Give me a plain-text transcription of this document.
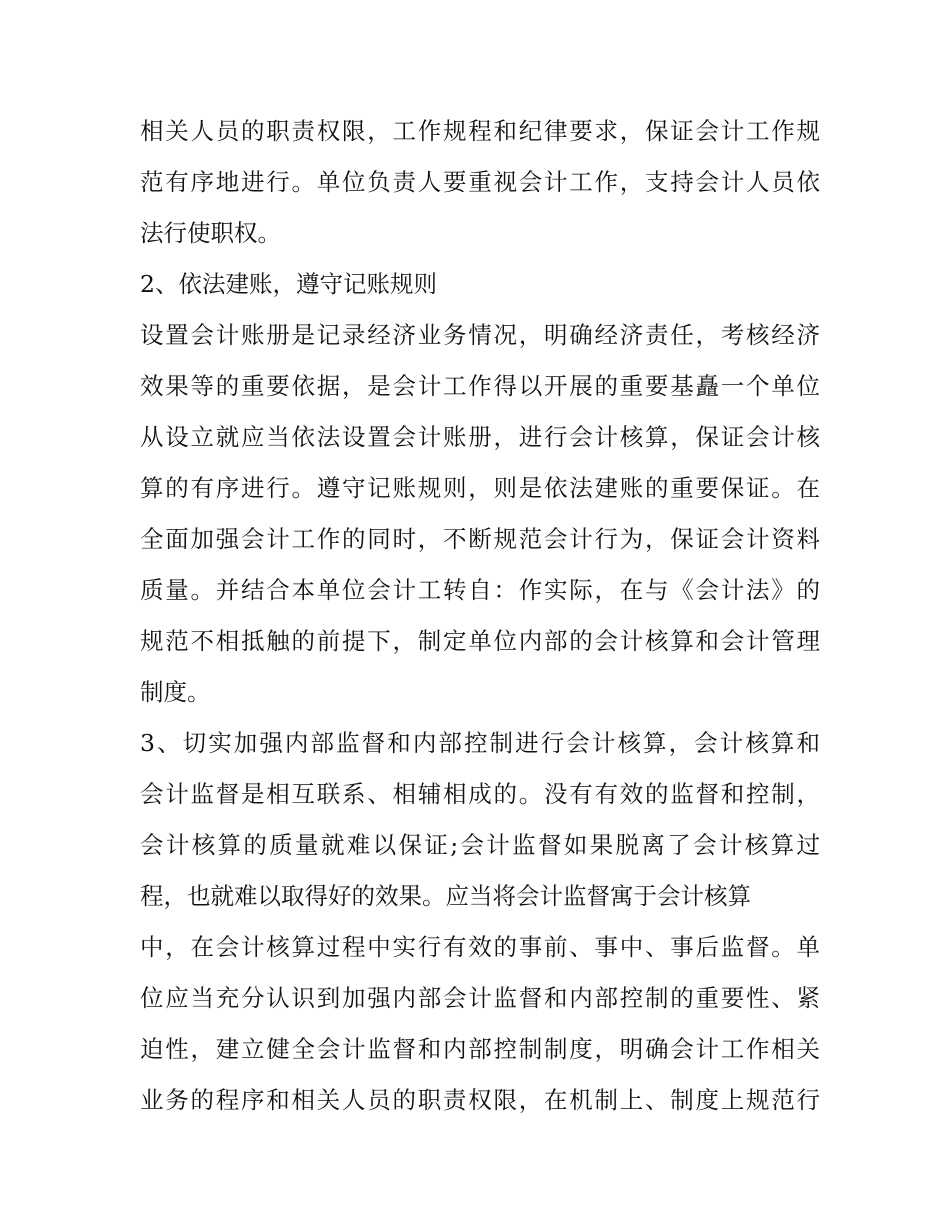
相关人员的职责权限，工作规程和纪律要求，保证会计工作规
范有序地进行。单位负责人要重视会计工作，支持会计人员依
法行使职权。
2、依法建账，遵守记账规则
设置会计账册是记录经济业务情况，明确经济责任，考核经济
效果等的重要依据，是会计工作得以开展的重要基矗一个单位
从设立就应当依法设置会计账册，进行会计核算，保证会计核
算的有序进行。遵守记账规则，则是依法建账的重要保证。在
全面加强会计工作的同时，不断规范会计行为，保证会计资料
质量。并结合本单位会计工转自：作实际，在与《会计法》的
规范不相抵触的前提下，制定单位内部的会计核算和会计管理
制度。
3、切实加强内部监督和内部控制进行会计核算，会计核算和
会计监督是相互联系、相辅相成的。没有有效的监督和控制，
会计核算的质量就难以保证;会计监督如果脱离了会计核算过
程，也就难以取得好的效果。应当将会计监督寓于会计核算
中，在会计核算过程中实行有效的事前、事中、事后监督。单
位应当充分认识到加强内部会计监督和内部控制的重要性、紧
迫性，建立健全会计监督和内部控制制度，明确会计工作相关
业务的程序和相关人员的职责权限，在机制上、制度上规范行
